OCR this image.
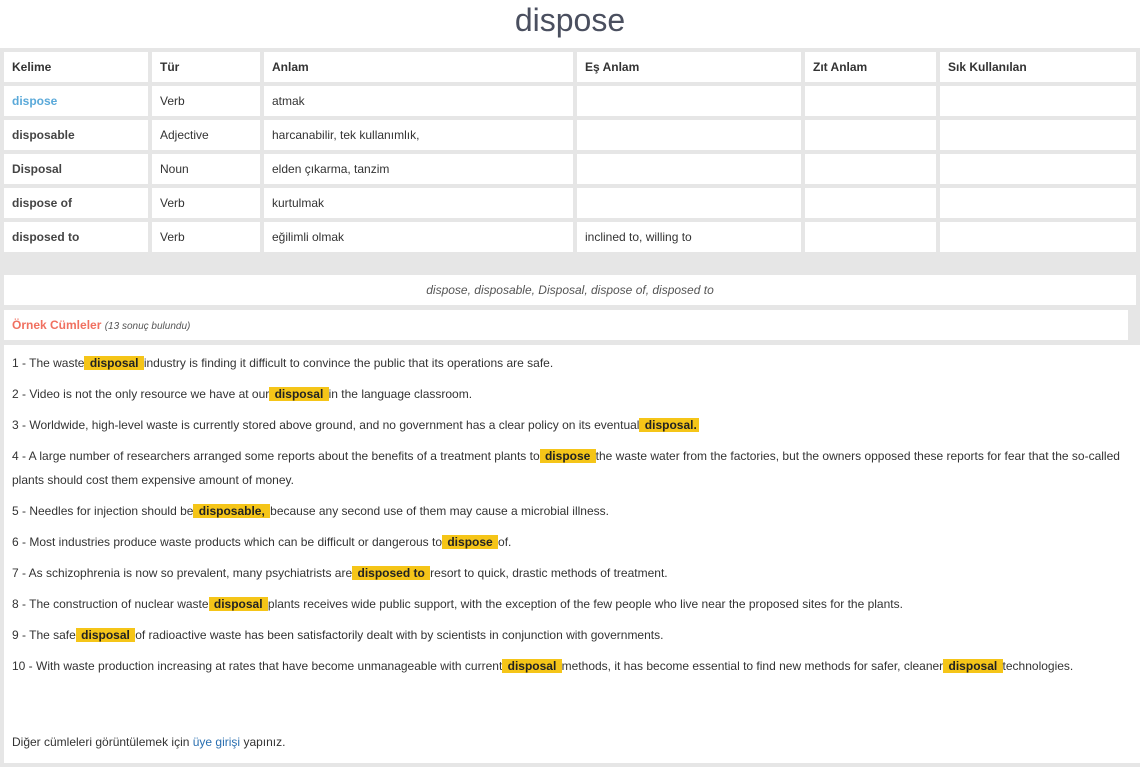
dispose
Kelime	Tür	Anlam	Eş Anlam	Zıt Anlam	Sık Kullanılan
dispose	Verb	atmak			
disposable	Adjective	harcanabilir, tek kullanımlık,			
Disposal	Noun	elden çıkarma, tanzim			
dispose of	Verb	kurtulmak			
disposed to	Verb	eğilimli olmak	inclined to, willing to		
dispose, disposable, Disposal, dispose of, disposed to
Örnek Cümleler (13 sonuç bulundu)
1 - The waste disposal industry is finding it difficult to convince the public that its operations are safe.
2 - Video is not the only resource we have at our disposal in the language classroom.
3 - Worldwide, high-level waste is currently stored above ground, and no government has a clear policy on its eventual disposal.
4 - A large number of researchers arranged some reports about the benefits of a treatment plants to dispose the waste water from the factories, but the owners opposed these reports for fear that the so-called plants should cost them expensive amount of money.
5 - Needles for injection should be disposable, because any second use of them may cause a microbial illness.
6 - Most industries produce waste products which can be difficult or dangerous to dispose of.
7 - As schizophrenia is now so prevalent, many psychiatrists are disposed to resort to quick, drastic methods of treatment.
8 - The construction of nuclear waste disposal plants receives wide public support, with the exception of the few people who live near the proposed sites for the plants.
9 - The safe disposal of radioactive waste has been satisfactorily dealt with by scientists in conjunction with governments.
10 - With waste production increasing at rates that have become unmanageable with current disposal methods, it has become essential to find new methods for safer, cleaner disposal technologies.
Diğer cümleleri görüntülemek için üye girişi yapınız.
